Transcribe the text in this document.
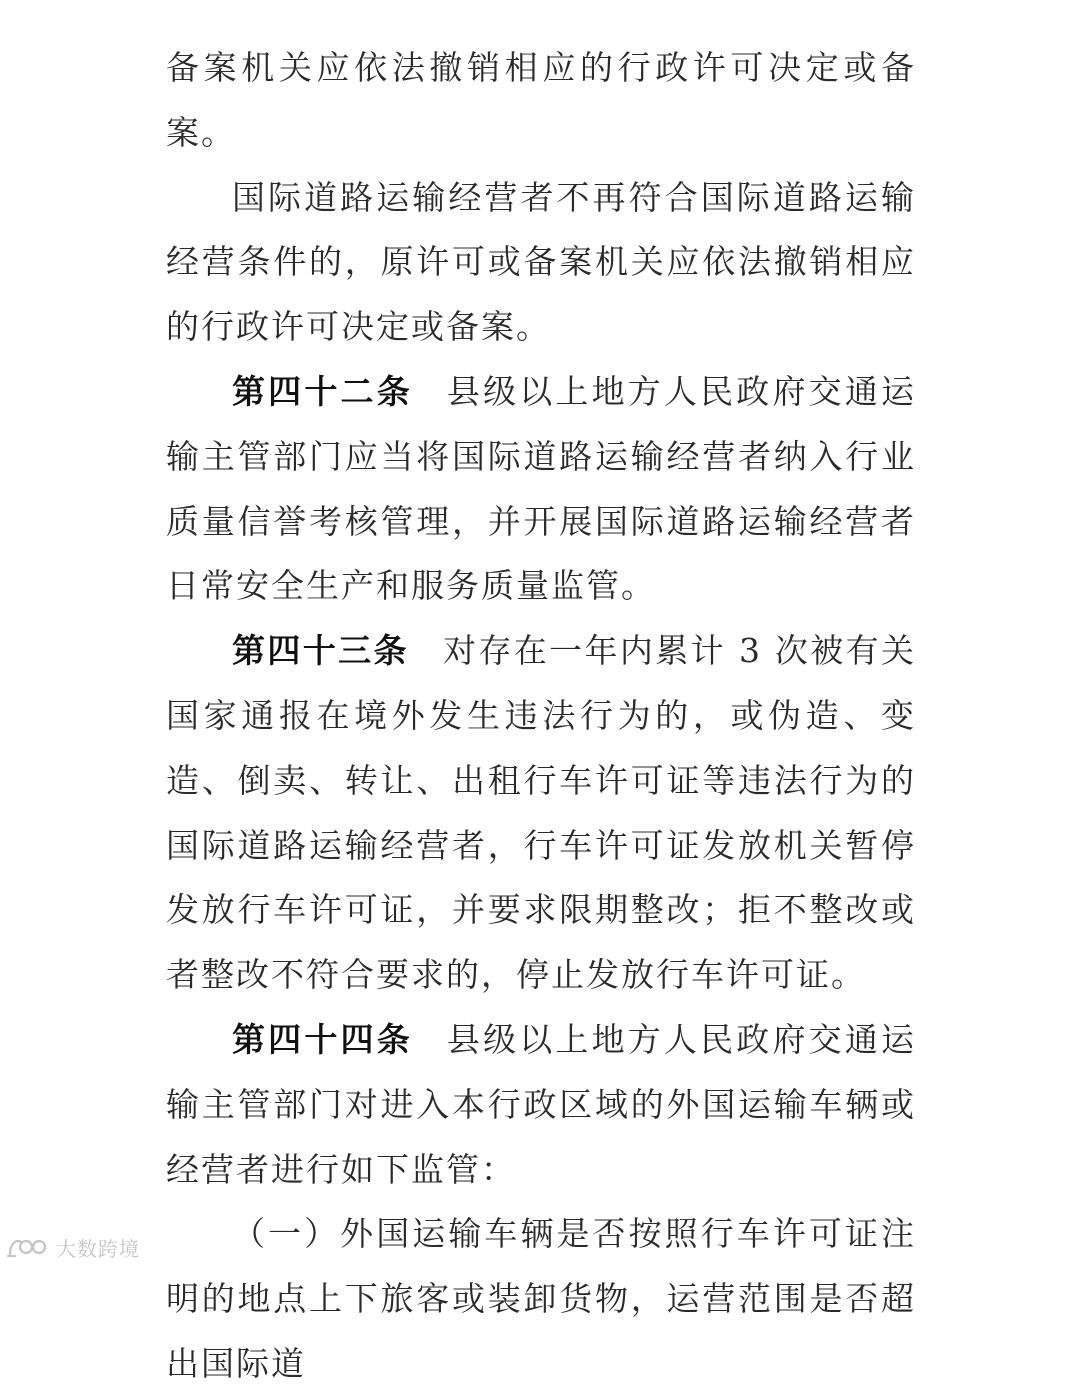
备案机关应依法撤销相应的行政许可决定或备案。

国际道路运输经营者不再符合国际道路运输经营条件的，原许可或备案机关应依法撤销相应的行政许可决定或备案。

第四十二条 县级以上地方人民政府交通运输主管部门应当将国际道路运输经营者纳入行业质量信誉考核管理，并开展国际道路运输经营者日常安全生产和服务质量监管。

第四十三条 对存在一年内累计 3 次被有关国家通报在境外发生违法行为的，或伪造、变造、倒卖、转让、出租行车许可证等违法行为的国际道路运输经营者，行车许可证发放机关暂停发放行车许可证，并要求限期整改；拒不整改或者整改不符合要求的，停止发放行车许可证。

第四十四条 县级以上地方人民政府交通运输主管部门对进入本行政区域的外国运输车辆或经营者进行如下监管：

（一）外国运输车辆是否按照行车许可证注明的地点上下旅客或装卸货物，运营范围是否超出国际道

大数跨境
